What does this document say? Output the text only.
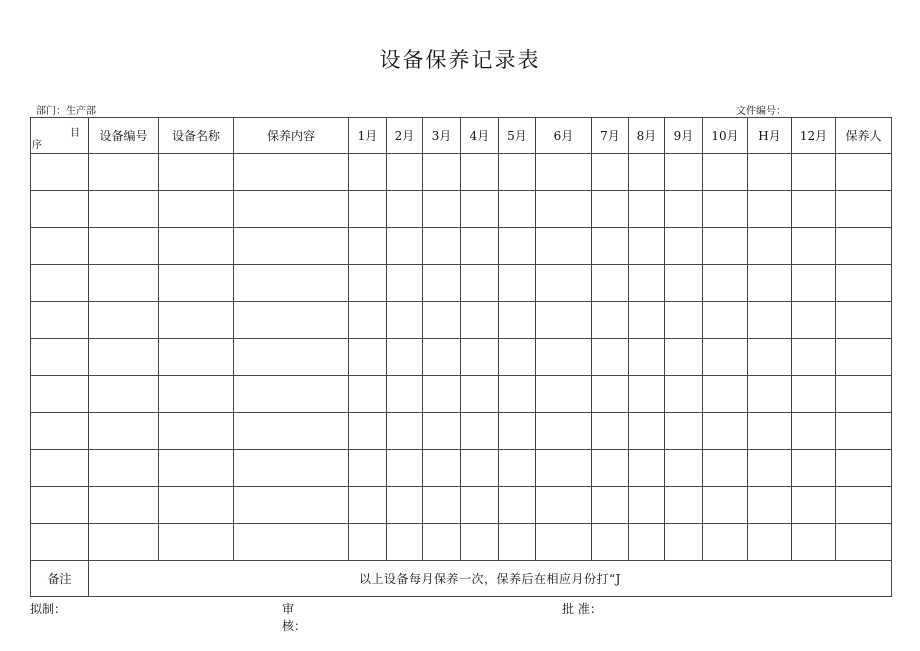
设备保养记录表
部门：生产部	文件编号：
目
序	设备编号	设备名称	保养内容	1月	2月	3月	4月	5月	6月	7月	8月	9月	10月	H月	12月	保养人

备注	以上设备每月保养一次，保养后在相应月份打“J															
拟制：	审
核：
批 准：
